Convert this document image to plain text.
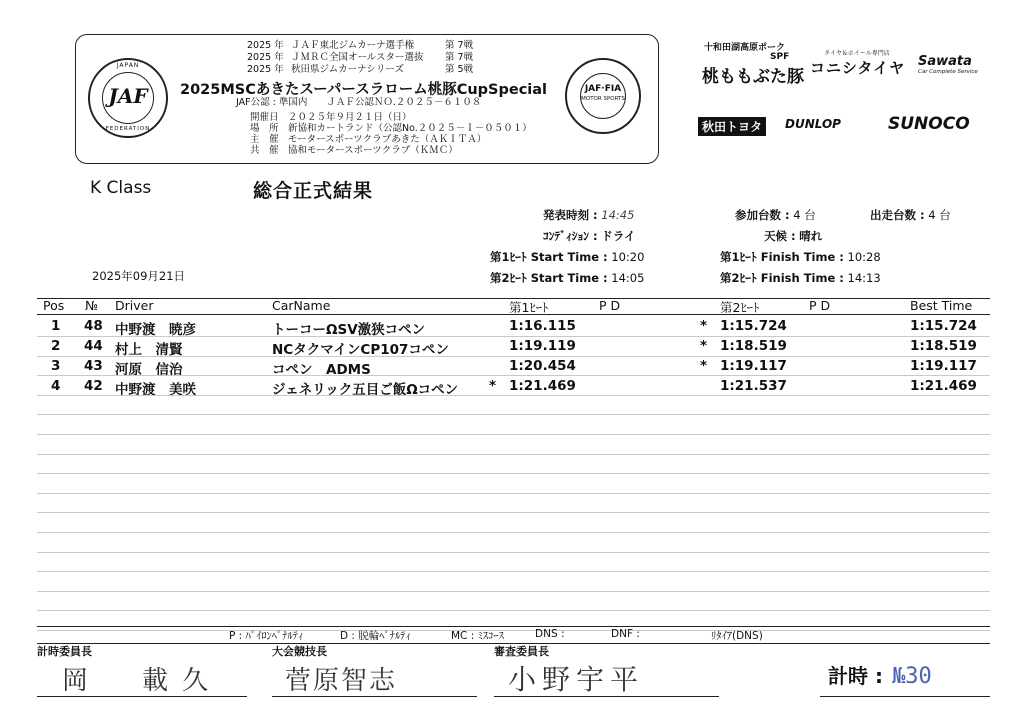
JAF
JAPAN
FEDERATION
2025 年 ＪＡＦ東北ジムカーナ選手権	第 7戦
2025 年 ＪＭＲＣ全国オールスター選抜 第 7戦
2025 年 秋田県ジムカーナシリーズ	第 5戦
2025MSCあきたスーパースラローム桃豚CupSpecial
JAF公認 : 準国内　　ＪＡＦ公認ＮＯ.２０２５－６１０８
開催日　 ２０２５年９月２１日（日）
場　所　 新協和カートランド（公認No.２０２５－Ｉ－０５０１）
主　催　 モータースポーツクラブあきた（ＡＫＩＴＡ）
共　催　 協和モータースポーツクラブ（ＫＭＣ）
JAF·FIA
MOTOR SPORTS
十和田湖高原ポーク
SPF
桃ももぶた豚
タイヤ＆ホイール専門店
コニシタイヤ Sawata
Car Complete Service
秋田トヨタ	DUNLOP	SUNOCO
K Class	総合正式結果
2025年09月21日
発表時刻 : 14:45
ｺﾝﾃﾞｨｼｮﾝ : ドライ
第1ﾋｰﾄ Start Time : 10:20
第2ﾋｰﾄ Start Time : 14:05
参加台数 : 4 台	出走台数 : 4 台
天候 : 晴れ
第1ﾋｰﾄ Finish Time : 10:28
第2ﾋｰﾄ Finish Time : 14:13
Pos № Driver	CarName	第1ﾋｰﾄ	P D	第2ﾋｰﾄ	P D	Best Time
1 48 中野渡　暁彦	トーコーΩSV激狭コペン	1:16.115	* 1:15.724	1:15.724
2 44 村上　清賢	NCタクマインCP107コペン	1:19.119	* 1:18.519	1:18.519
3 43 河原　信治	コペン　ADMS	1:20.454	* 1:19.117	1:19.117
4 42 中野渡　美咲	ジェネリック五目ご飯Ωコペン * 1:21.469	1:21.537	1:21.469
P : ﾊﾟｲﾛﾝﾍﾟﾅﾙﾃｨ	D : 脱輪ﾍﾟﾅﾙﾃｨ	MC : ﾐｽｺｰｽ	DNS :	DNF :	ﾘﾀｲｱ(DNS)
計時委員長
岡　載久
大会競技長
菅原智志
審査委員長
小野宇平	計時 : №30
